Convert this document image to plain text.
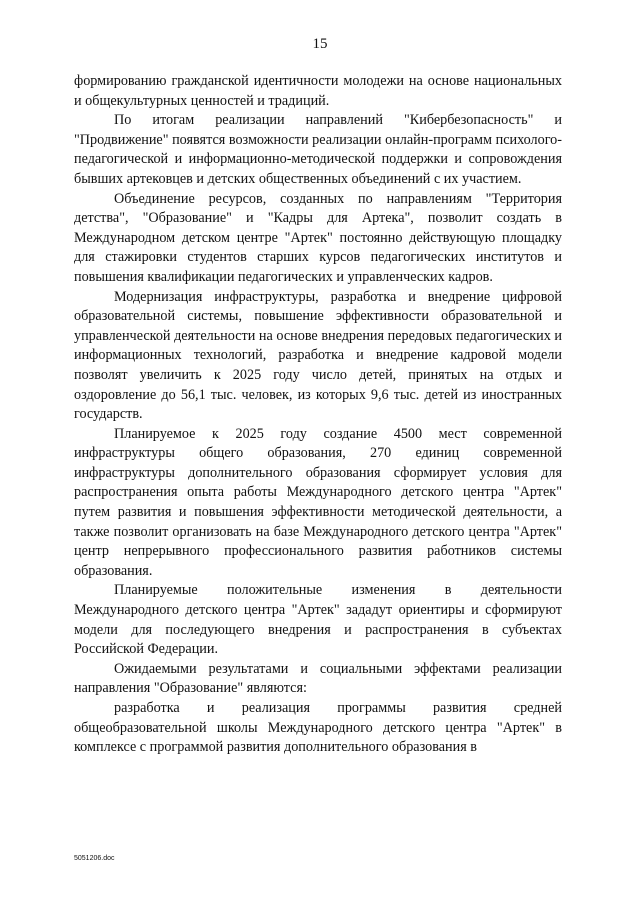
15

формированию гражданской идентичности молодежи на основе национальных и общекультурных ценностей и традиций.

По итогам реализации направлений "Кибербезопасность" и "Продвижение" появятся возможности реализации онлайн-программ психолого-педагогической и информационно-методической поддержки и сопровождения бывших артековцев и детских общественных объединений с их участием.

Объединение ресурсов, созданных по направлениям "Территория детства", "Образование" и "Кадры для Артека", позволит создать в Международном детском центре "Артек" постоянно действующую площадку для стажировки студентов старших курсов педагогических институтов и повышения квалификации педагогических и управленческих кадров.

Модернизация инфраструктуры, разработка и внедрение цифровой образовательной системы, повышение эффективности образовательной и управленческой деятельности на основе внедрения передовых педагогических и информационных технологий, разработка и внедрение кадровой модели позволят увеличить к 2025 году число детей, принятых на отдых и оздоровление до 56,1 тыс. человек, из которых 9,6 тыс. детей из иностранных государств.

Планируемое к 2025 году создание 4500 мест современной инфраструктуры общего образования, 270 единиц современной инфраструктуры дополнительного образования сформирует условия для распространения опыта работы Международного детского центра "Артек" путем развития и повышения эффективности методической деятельности, а также позволит организовать на базе Международного детского центра "Артек" центр непрерывного профессионального развития работников системы образования.

Планируемые положительные изменения в деятельности Международного детского центра "Артек" зададут ориентиры и сформируют модели для последующего внедрения и распространения в субъектах Российской Федерации.

Ожидаемыми результатами и социальными эффектами реализации направления "Образование" являются:

разработка и реализация программы развития средней общеобразовательной школы Международного детского центра "Артек" в комплексе с программой развития дополнительного образования в

5051206.doc
